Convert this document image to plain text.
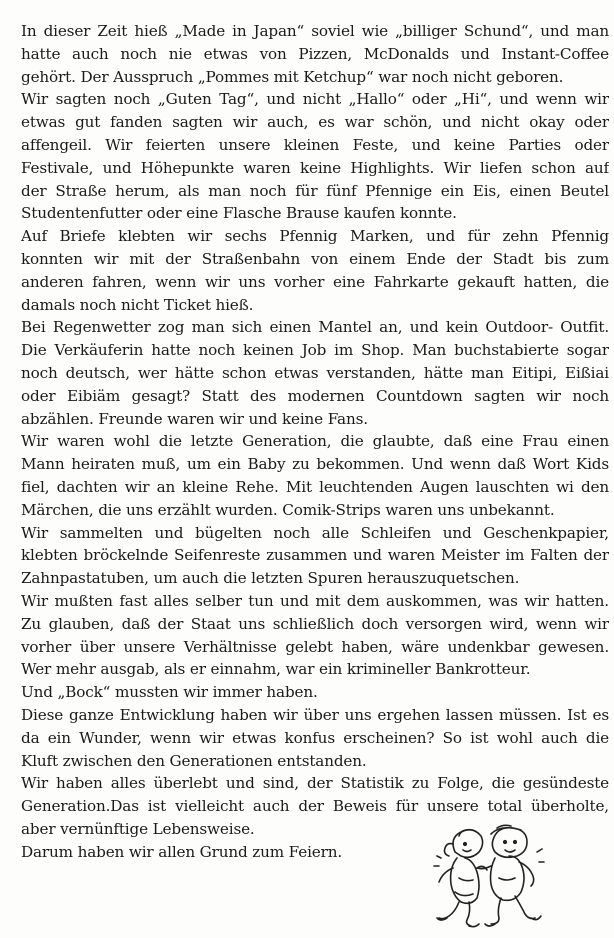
In dieser Zeit hieß „Made in Japan“ soviel wie „billiger Schund“, und man
hatte auch noch nie etwas von Pizzen, McDonalds und Instant-Coffee
gehört. Der Ausspruch „Pommes mit Ketchup“ war noch nicht geboren.
Wir sagten noch „Guten Tag“, und nicht „Hallo“ oder „Hi“, und wenn wir
etwas gut fanden sagten wir auch, es war schön, und nicht okay oder
affengeil. Wir feierten unsere kleinen Feste, und keine Parties oder
Festivale, und Höhepunkte waren keine Highlights. Wir liefen schon auf
der Straße herum, als man noch für fünf Pfennige ein Eis, einen Beutel
Studentenfutter oder eine Flasche Brause kaufen konnte.
Auf Briefe klebten wir sechs Pfennig Marken, und für zehn Pfennig
konnten wir mit der Straßenbahn von einem Ende der Stadt bis zum
anderen fahren, wenn wir uns vorher eine Fahrkarte gekauft hatten, die
damals noch nicht Ticket hieß.
Bei Regenwetter zog man sich einen Mantel an, und kein Outdoor- Outfit.
Die Verkäuferin hatte noch keinen Job im Shop. Man buchstabierte sogar
noch deutsch, wer hätte schon etwas verstanden, hätte man Eitipi, Eißiai
oder Eibiäm gesagt? Statt des modernen Countdown sagten wir noch
abzählen. Freunde waren wir und keine Fans.
Wir waren wohl die letzte Generation, die glaubte, daß eine Frau einen
Mann heiraten muß, um ein Baby zu bekommen. Und wenn daß Wort Kids
fiel, dachten wir an kleine Rehe. Mit leuchtenden Augen lauschten wi den
Märchen, die uns erzählt wurden. Comik-Strips waren uns unbekannt.
Wir sammelten und bügelten noch alle Schleifen und Geschenkpapier,
klebten bröckelnde Seifenreste zusammen und waren Meister im Falten der
Zahnpastatuben, um auch die letzten Spuren herauszuquetschen.
Wir mußten fast alles selber tun und mit dem auskommen, was wir hatten.
Zu glauben, daß der Staat uns schließlich doch versorgen wird, wenn wir
vorher über unsere Verhältnisse gelebt haben, wäre undenkbar gewesen.
Wer mehr ausgab, als er einnahm, war ein krimineller Bankrotteur.
Und „Bock“ mussten wir immer haben.
Diese ganze Entwicklung haben wir über uns ergehen lassen müssen. Ist es
da ein Wunder, wenn wir etwas konfus erscheinen? So ist wohl auch die
Kluft zwischen den Generationen entstanden.
Wir haben alles überlebt und sind, der Statistik zu Folge, die gesündeste
Generation.Das ist vielleicht auch der Beweis für unsere total überholte,
aber vernünftige Lebensweise.
Darum haben wir allen Grund zum Feiern.
